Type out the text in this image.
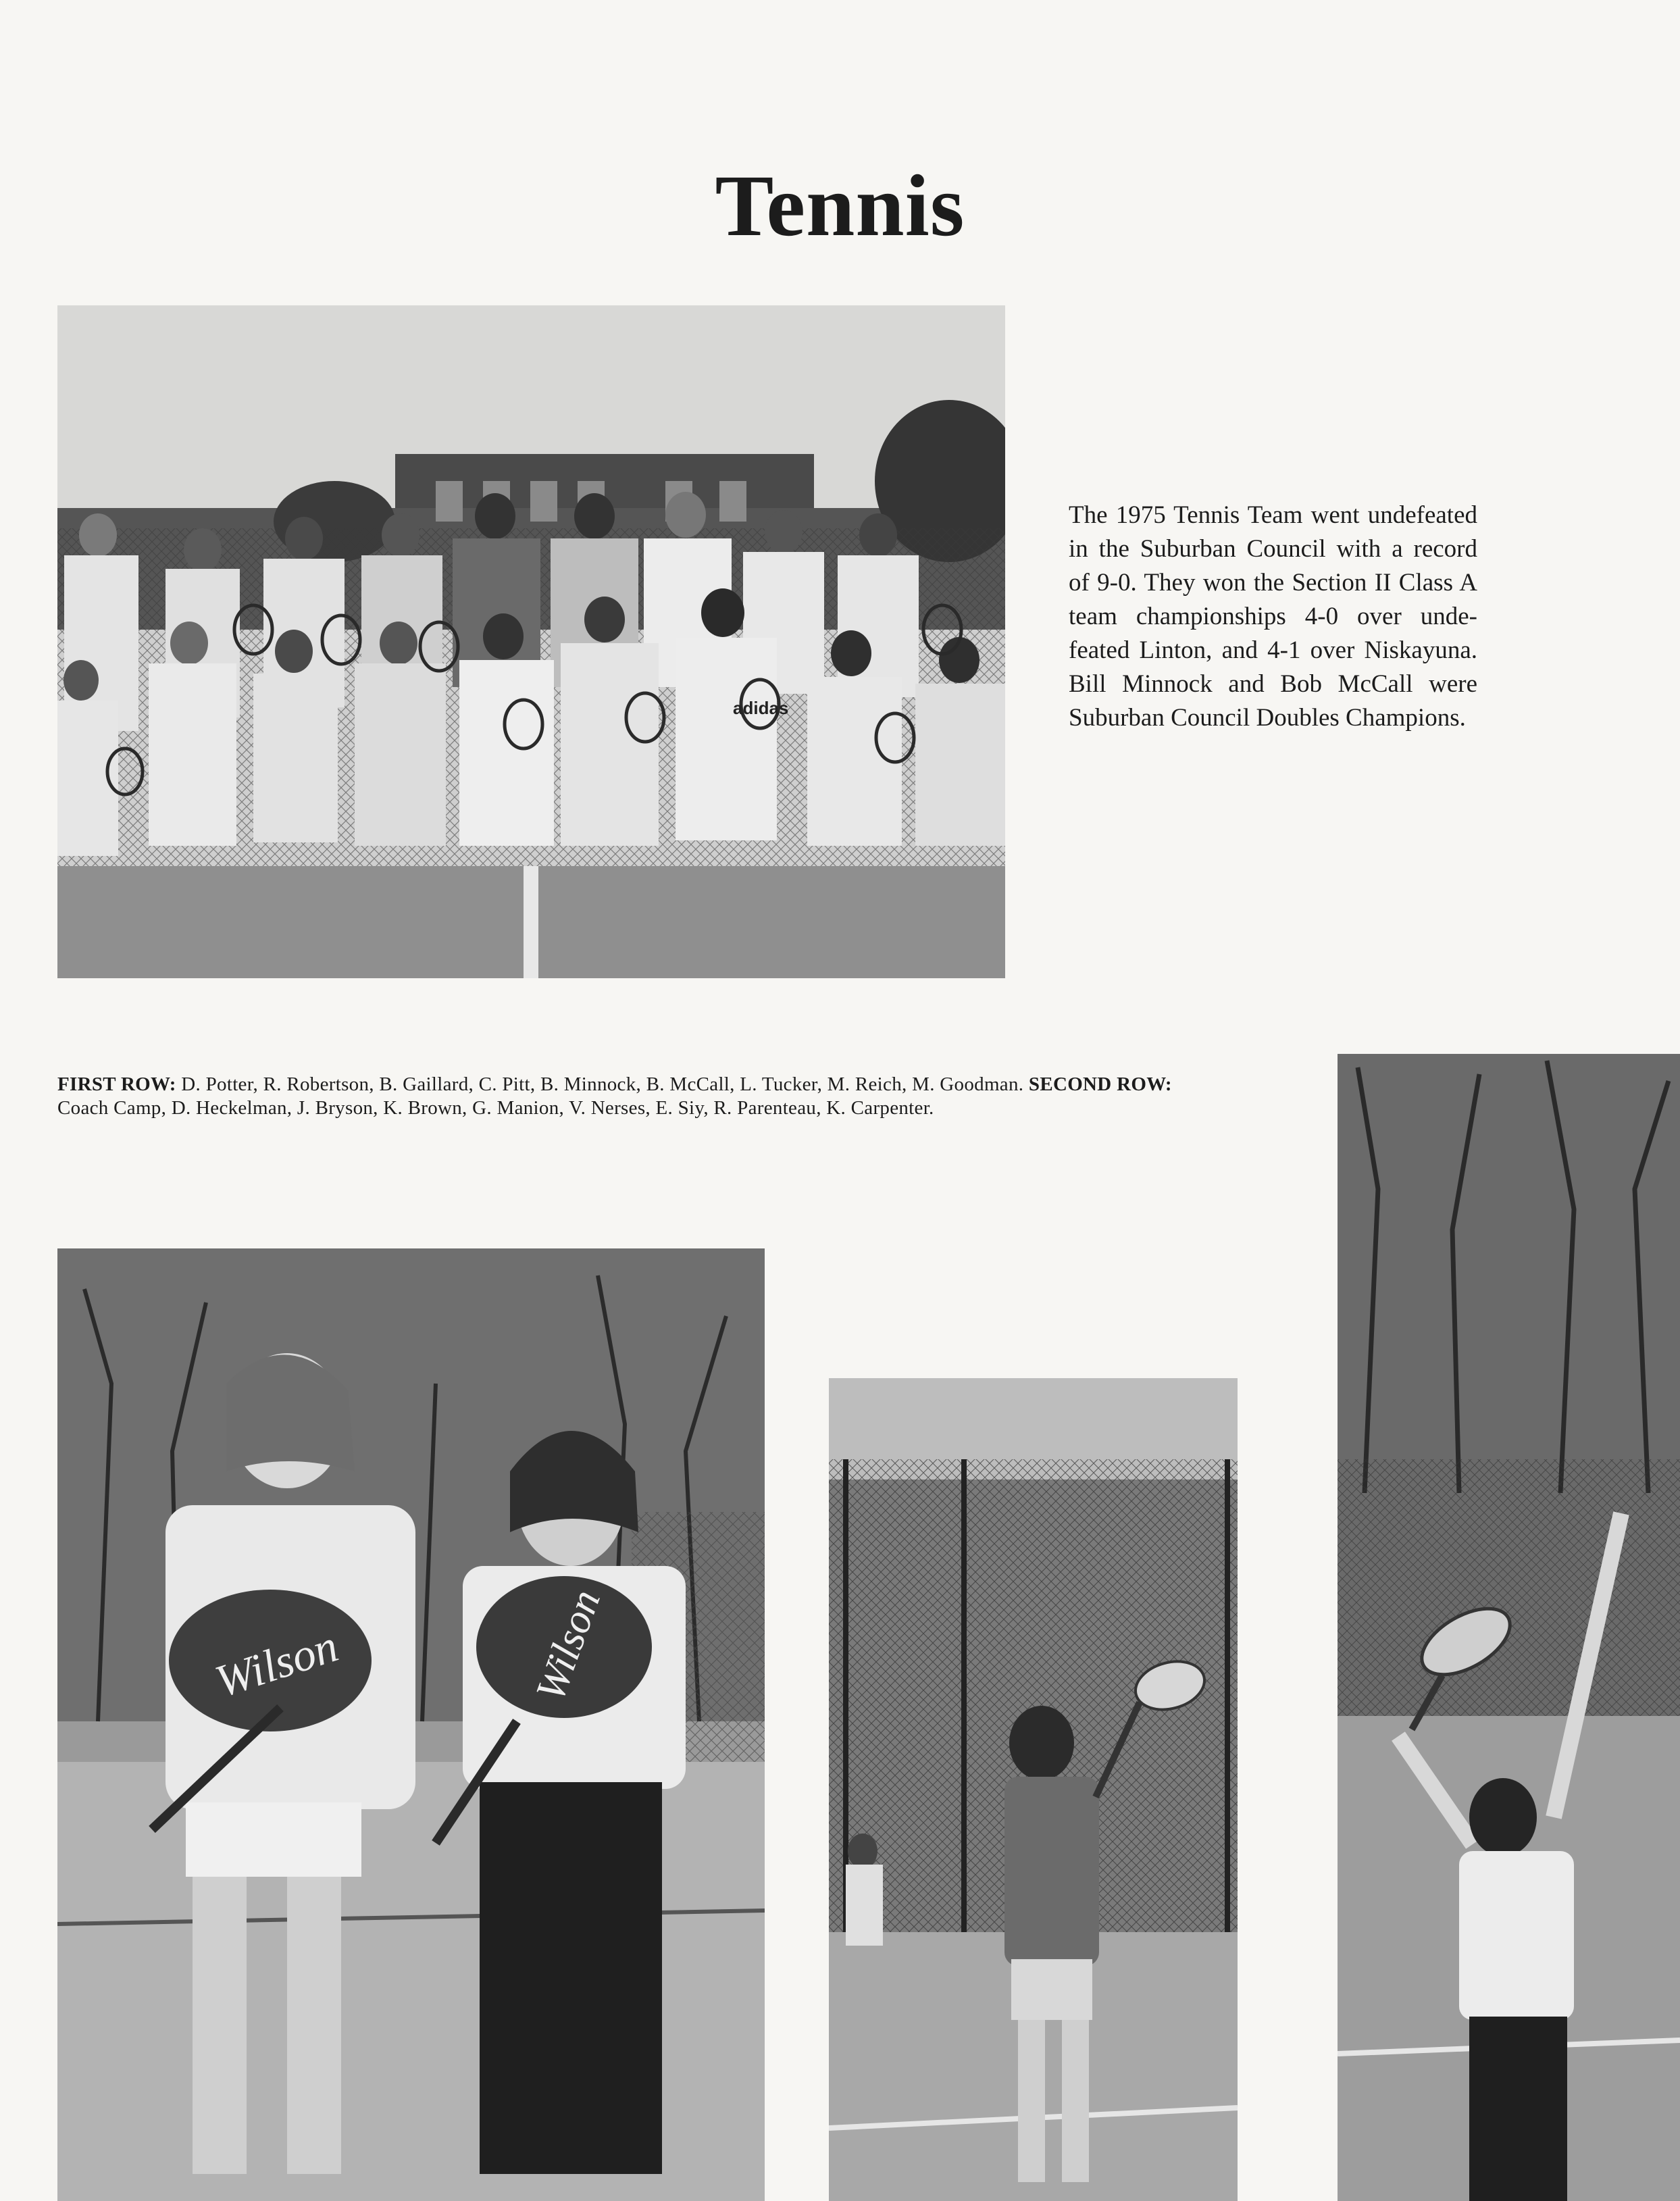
Tennis
adidas
The 1975 Tennis Team went undefeated in the Suburban Council with a record of 9-0. They won the Section II Class A team championships 4-0 over undefeated Linton, and 4-1 over Niskayuna. Bill Minnock and Bob McCall were Suburban Council Doubles Champions.
FIRST ROW: D. Potter, R. Robertson, B. Gaillard, C. Pitt, B. Minnock, B. McCall, L. Tucker, M. Reich, M. Goodman. SECOND ROW: Coach Camp, D. Heckelman, J. Bryson, K. Brown, G. Manion, V. Nerses, E. Siy, R. Parenteau, K. Carpenter.
Wilson	Wilson
